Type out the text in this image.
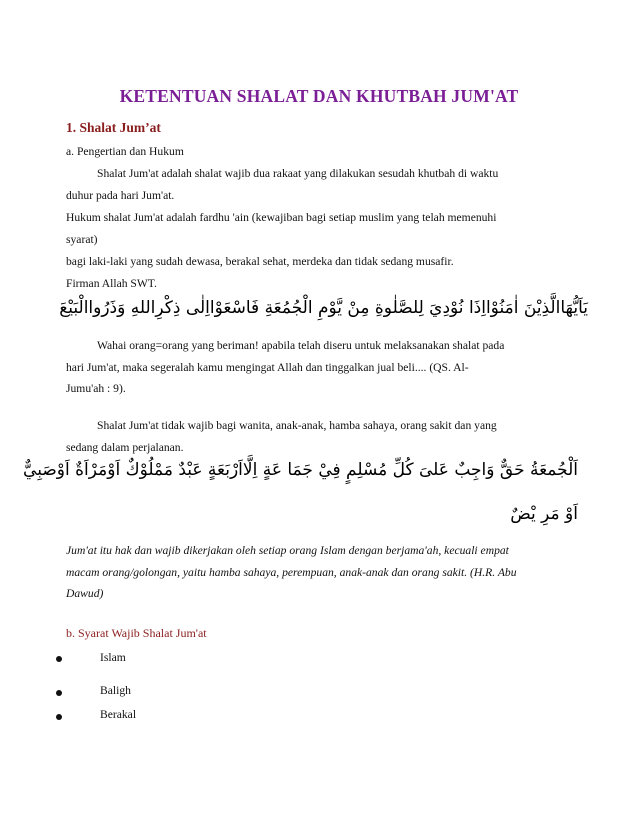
KETENTUAN SHALAT DAN KHUTBAH JUM'AT
1. Shalat Jum’at
a. Pengertian dan Hukum
Shalat Jum'at adalah shalat wajib dua rakaat yang dilakukan sesudah khutbah di waktu
duhur pada hari Jum'at.
Hukum shalat Jum'at adalah fardhu 'ain (kewajiban bagi setiap muslim yang telah memenuhi
syarat)
bagi laki-laki yang sudah dewasa, berakal sehat, merdeka dan tidak sedang musafir.
Firman Allah SWT.
يَاَيُّهَاالَّذِيْنَ اٰمَنُوْااِذَا نُوْدِيَ لِلصَّلٰوةِ مِنْ يَّوْمِ الْجُمُعَةِ فَاسْعَوْااِلٰى ذِكْرِاللهِ وَذَرُواالْبَيْعَ
Wahai orang=orang yang beriman! apabila telah diseru untuk melaksanakan shalat pada
hari Jum'at, maka segeralah kamu mengingat Allah dan tinggalkan jual beli.... (QS. Al-
Jumu'ah : 9).
Shalat Jum'at tidak wajib bagi wanita, anak-anak, hamba sahaya, orang sakit dan yang
sedang dalam perjalanan.
اَلْجُمعَةُ حَقٌّ وَاجِبٌ عَلىَ كُلِّ مُسْلِمٍ فِيْ جَمَا عَةٍ اِلَّااَرْبَعَةٍ عَبْدٌ مَمْلُوْكٌ اَوْمَرْاَةٌ اَوْصَبِيٌّ
اَوْ مَرِ يْضٌ
Jum'at itu hak dan wajib dikerjakan oleh setiap orang Islam dengan berjama'ah, kecuali empat
macam orang/golongan, yaitu hamba sahaya, perempuan, anak-anak dan orang sakit. (H.R. Abu
Dawud)
b. Syarat Wajib Shalat Jum'at
Islam
Baligh
Berakal
